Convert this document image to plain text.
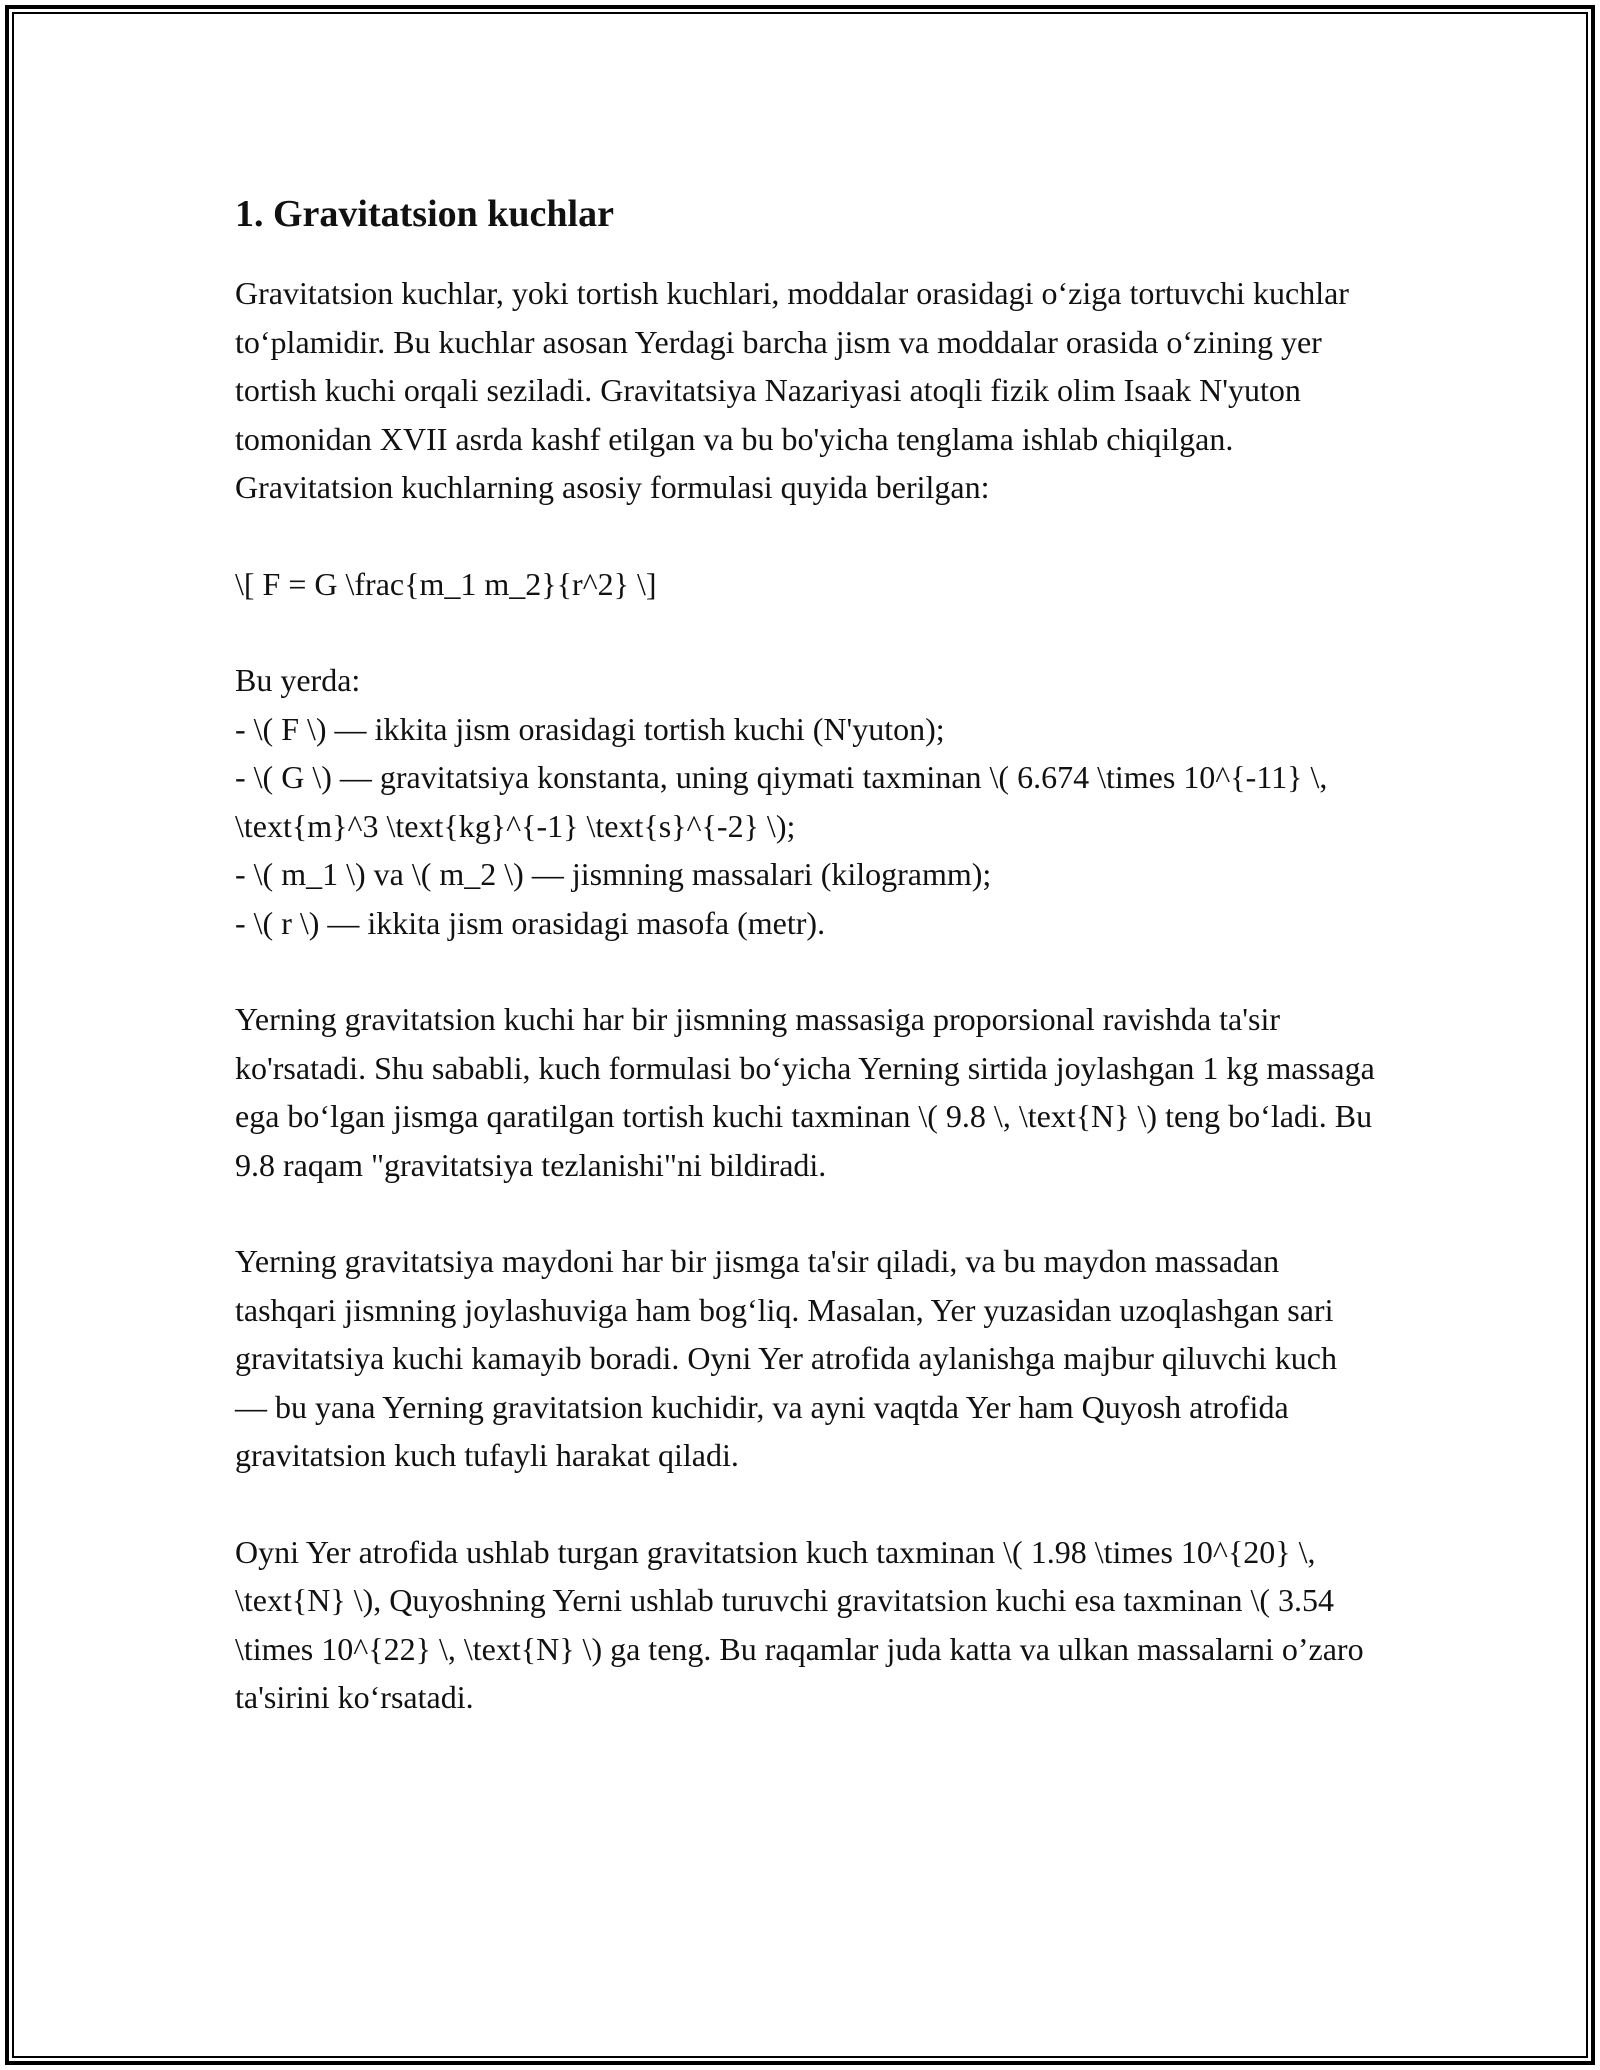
1. Gravitatsion kuchlar

Gravitatsion kuchlar, yoki tortish kuchlari, moddalar orasidagi o‘ziga tortuvchi kuchlar to‘plamidir. Bu kuchlar asosan Yerdagi barcha jism va moddalar orasida o‘zining yer tortish kuchi orqali seziladi. Gravitatsiya Nazariyasi atoqli fizik olim Isaak N'yuton tomonidan XVII asrda kashf etilgan va bu bo'yicha tenglama ishlab chiqilgan. Gravitatsion kuchlarning asosiy formulasi quyida berilgan:

\[ F = G \frac{m_1 m_2}{r^2} \]

Bu yerda:
- \( F \) — ikkita jism orasidagi tortish kuchi (N'yuton);
- \( G \) — gravitatsiya konstanta, uning qiymati taxminan \( 6.674 \times 10^{-11} \, \text{m}^3 \text{kg}^{-1} \text{s}^{-2} \);
- \( m_1 \) va \( m_2 \) — jismning massalari (kilogramm);
- \( r \) — ikkita jism orasidagi masofa (metr).

Yerning gravitatsion kuchi har bir jismning massasiga proporsional ravishda ta'sir ko'rsatadi. Shu sababli, kuch formulasi bo‘yicha Yerning sirtida joylashgan 1 kg massaga ega bo‘lgan jismga qaratilgan tortish kuchi taxminan \( 9.8 \, \text{N} \) teng bo‘ladi. Bu 9.8 raqam "gravitatsiya tezlanishi"ni bildiradi.

Yerning gravitatsiya maydoni har bir jismga ta'sir qiladi, va bu maydon massadan tashqari jismning joylashuviga ham bog‘liq. Masalan, Yer yuzasidan uzoqlashgan sari gravitatsiya kuchi kamayib boradi. Oyni Yer atrofida aylanishga majbur qiluvchi kuch — bu yana Yerning gravitatsion kuchidir, va ayni vaqtda Yer ham Quyosh atrofida gravitatsion kuch tufayli harakat qiladi.

Oyni Yer atrofida ushlab turgan gravitatsion kuch taxminan \( 1.98 \times 10^{20} \, \text{N} \), Quyoshning Yerni ushlab turuvchi gravitatsion kuchi esa taxminan \( 3.54 \times 10^{22} \, \text{N} \) ga teng. Bu raqamlar juda katta va ulkan massalarni o’zaro ta'sirini ko‘rsatadi.
